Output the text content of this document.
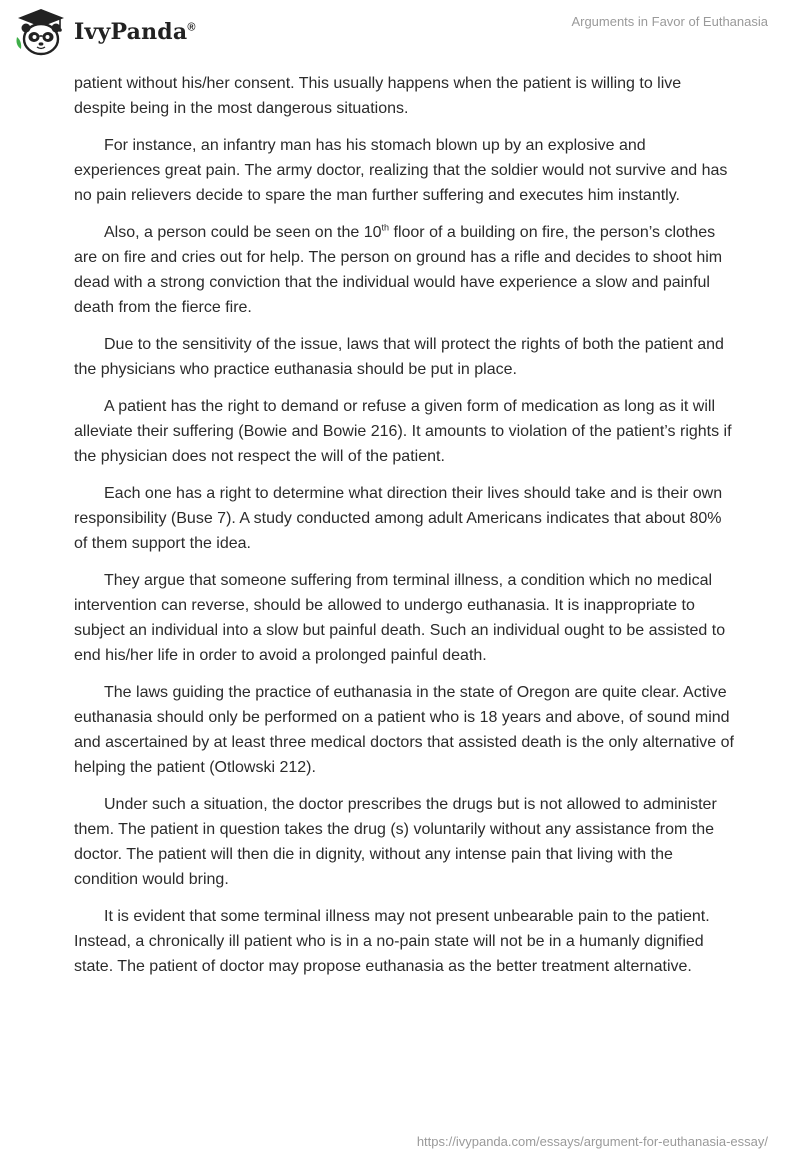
IvyPanda®	Arguments in Favor of Euthanasia

patient without his/her consent. This usually happens when the patient is willing to live despite being in the most dangerous situations.

For instance, an infantry man has his stomach blown up by an explosive and experiences great pain. The army doctor, realizing that the soldier would not survive and has no pain relievers decide to spare the man further suffering and executes him instantly.

Also, a person could be seen on the 10th floor of a building on fire, the person’s clothes are on fire and cries out for help. The person on ground has a rifle and decides to shoot him dead with a strong conviction that the individual would have experience a slow and painful death from the fierce fire.

Due to the sensitivity of the issue, laws that will protect the rights of both the patient and the physicians who practice euthanasia should be put in place.

A patient has the right to demand or refuse a given form of medication as long as it will alleviate their suffering (Bowie and Bowie 216). It amounts to violation of the patient’s rights if the physician does not respect the will of the patient.

Each one has a right to determine what direction their lives should take and is their own responsibility (Buse 7). A study conducted among adult Americans indicates that about 80% of them support the idea.

They argue that someone suffering from terminal illness, a condition which no medical intervention can reverse, should be allowed to undergo euthanasia. It is inappropriate to subject an individual into a slow but painful death. Such an individual ought to be assisted to end his/her life in order to avoid a prolonged painful death.

The laws guiding the practice of euthanasia in the state of Oregon are quite clear. Active euthanasia should only be performed on a patient who is 18 years and above, of sound mind and ascertained by at least three medical doctors that assisted death is the only alternative of helping the patient (Otlowski 212).

Under such a situation, the doctor prescribes the drugs but is not allowed to administer them. The patient in question takes the drug (s) voluntarily without any assistance from the doctor. The patient will then die in dignity, without any intense pain that living with the condition would bring.

It is evident that some terminal illness may not present unbearable pain to the patient. Instead, a chronically ill patient who is in a no-pain state will not be in a humanly dignified state. The patient of doctor may propose euthanasia as the better treatment alternative.

https://ivypanda.com/essays/argument-for-euthanasia-essay/
